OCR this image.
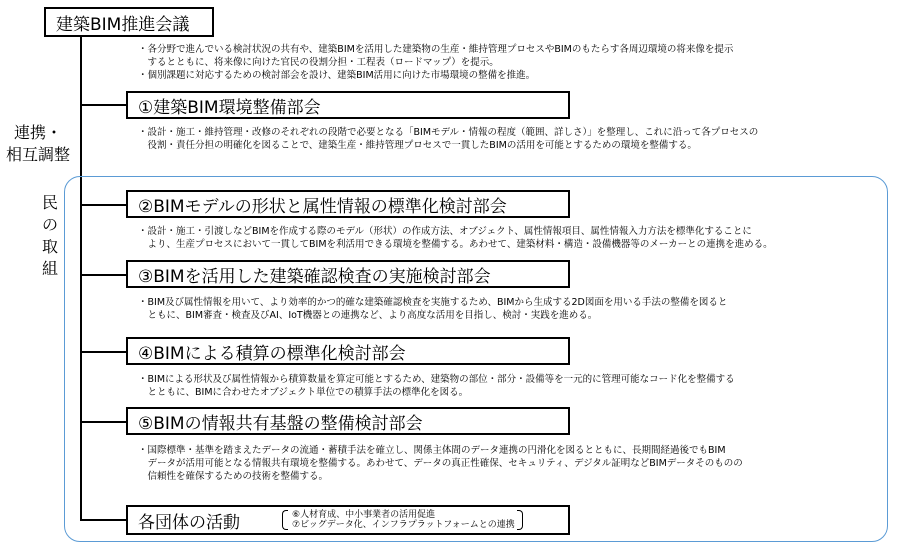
建築BIM推進会議
・各分野で進んでいる検討状況の共有や、建築BIMを活用した建築物の生産・維持管理プロセスやBIMのもたらす各周辺環境の将来像を提示
　するとともに、将来像に向けた官民の役割分担・工程表（ロードマップ）を提示。
・個別課題に対応するための検討部会を設け、建築BIM活用に向けた市場環境の整備を推進。
連携・
相互調整
民
の
取
組
①建築BIM環境整備部会
・設計・施工・維持管理・改修のそれぞれの段階で必要となる「BIMモデル・情報の程度（範囲、詳しさ）」を整理し、これに沿って各プロセスの
　役割・責任分担の明確化を図ることで、建築生産・維持管理プロセスで一貫したBIMの活用を可能とするための環境を整備する。
②BIMモデルの形状と属性情報の標準化検討部会
・設計・施工・引渡しなどBIMを作成する際のモデル（形状）の作成方法、オブジェクト、属性情報項目、属性情報入力方法を標準化することに
　より、生産プロセスにおいて一貫してBIMを利活用できる環境を整備する。あわせて、建築材料・構造・設備機器等のメーカーとの連携を進める。
③BIMを活用した建築確認検査の実施検討部会
・BIM及び属性情報を用いて、より効率的かつ的確な建築確認検査を実施するため、BIMから生成する2D図面を用いる手法の整備を図ると
　ともに、BIM審査・検査及びAI、IoT機器との連携など、より高度な活用を目指し、検討・実践を進める。
④BIMによる積算の標準化検討部会
・BIMによる形状及び属性情報から積算数量を算定可能とするため、建築物の部位・部分・設備等を一元的に管理可能なコード化を整備する
　とともに、BIMに合わせたオブジェクト単位での積算手法の標準化を図る。
⑤BIMの情報共有基盤の整備検討部会
・国際標準・基準を踏まえたデータの流通・蓄積手法を確立し、関係主体間のデータ連携の円滑化を図るとともに、長期間経過後でもBIM
　データが活用可能となる情報共有環境を整備する。あわせて、データの真正性確保、セキュリティ、デジタル証明などBIMデータそのものの
　信頼性を確保するための技術を整備する。
各団体の活動	⑥人材育成、中小事業者の活用促進
⑦ビッグデータ化、インフラプラットフォームとの連携
